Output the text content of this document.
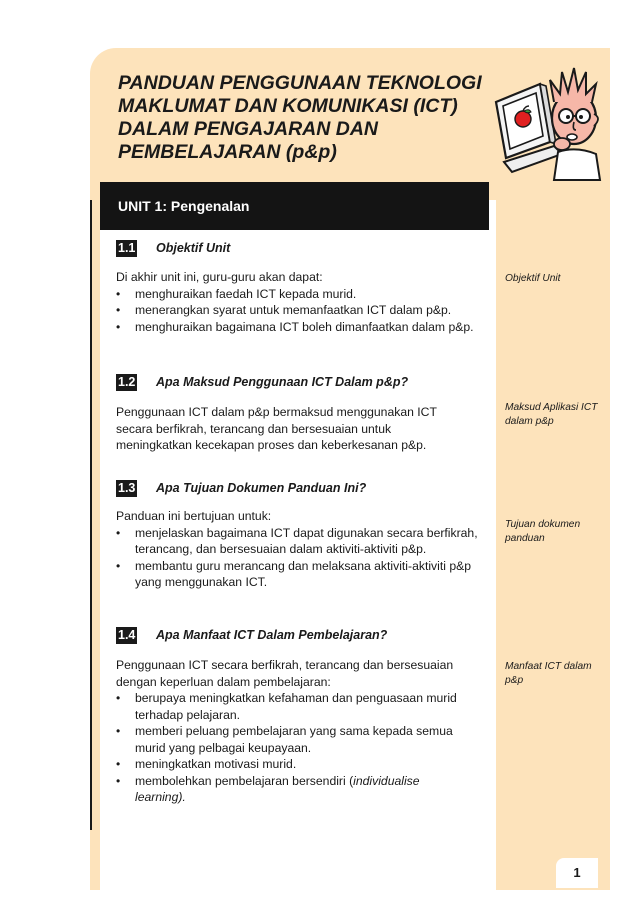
PANDUAN PENGGUNAAN TEKNOLOGI
MAKLUMAT DAN KOMUNIKASI (ICT)
DALAM PENGAJARAN DAN
PEMBELAJARAN (p&p)
UNIT 1: Pengenalan
1.1 Objektif Unit
Di akhir unit ini, guru-guru akan dapat:
• menghuraikan faedah ICT kepada murid.
• menerangkan syarat untuk memanfaatkan ICT dalam p&p.
• menghuraikan bagaimana ICT boleh dimanfaatkan dalam p&p.
Objektif Unit
1.2 Apa Maksud Penggunaan ICT Dalam p&p?
Penggunaan ICT dalam p&p bermaksud menggunakan ICT secara berfikrah, terancang dan bersesuaian untuk meningkatkan kecekapan proses dan keberkesanan p&p.
Maksud Aplikasi ICT dalam p&p
1.3 Apa Tujuan Dokumen Panduan Ini?
Panduan ini bertujuan untuk:
• menjelaskan bagaimana ICT dapat digunakan secara berfikrah, terancang, dan bersesuaian dalam aktiviti-aktiviti p&p.
• membantu guru merancang dan melaksana aktiviti-aktiviti p&p yang menggunakan ICT.
Tujuan dokumen panduan
1.4 Apa Manfaat ICT Dalam Pembelajaran?
Penggunaan ICT secara berfikrah, terancang dan bersesuaian dengan keperluan dalam pembelajaran:
• berupaya meningkatkan kefahaman dan penguasaan murid terhadap pelajaran.
• memberi peluang pembelajaran yang sama kepada semua murid yang pelbagai keupayaan.
• meningkatkan motivasi murid.
• membolehkan pembelajaran bersendiri (individualise learning).
Manfaat ICT dalam p&p
1
